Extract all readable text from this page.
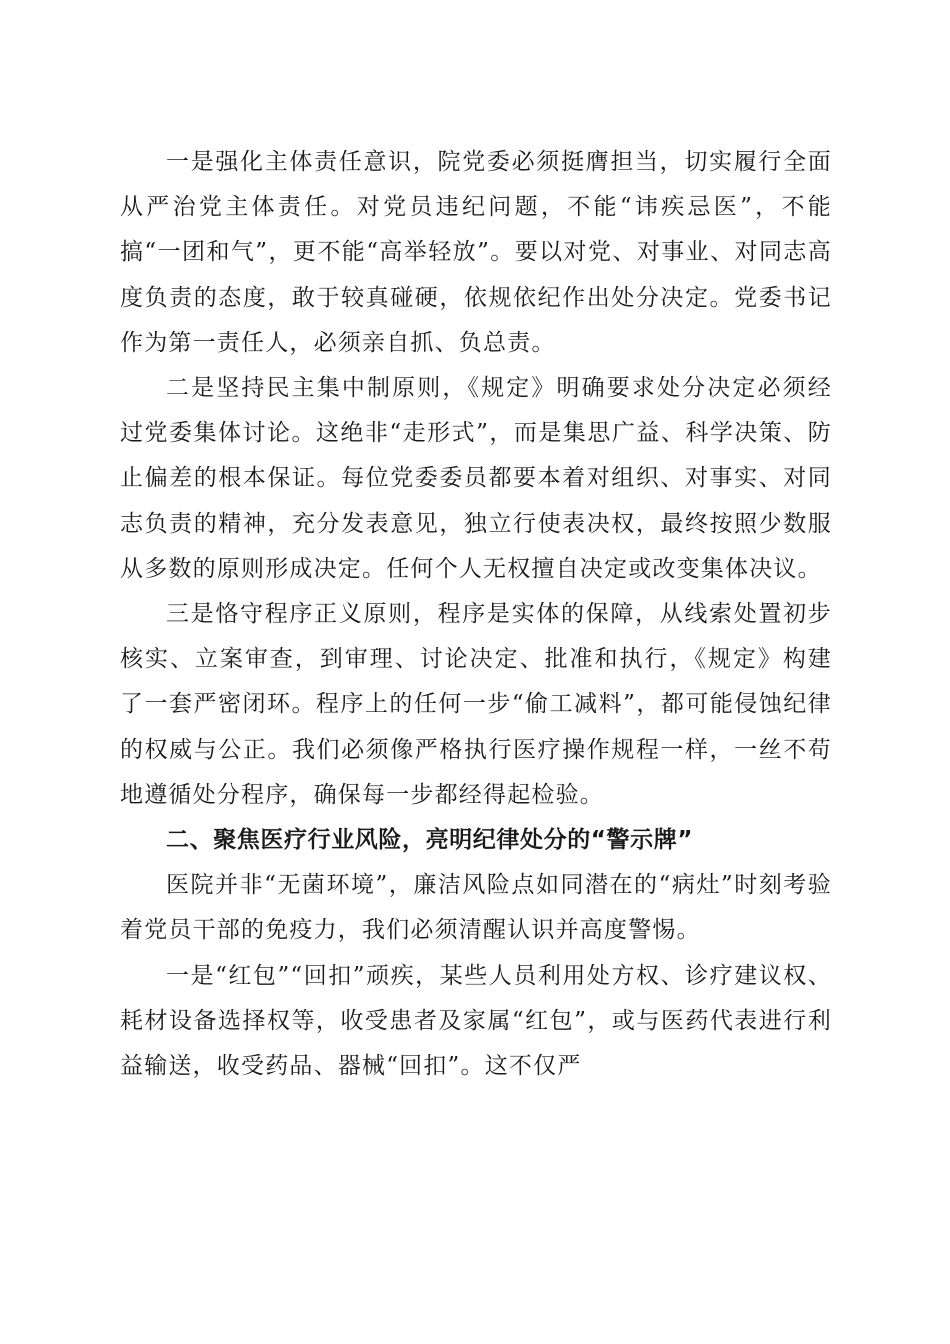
一是强化主体责任意识，院党委必须挺膺担当，切实履行全面从严治党主体责任。对党员违纪问题，不能“讳疾忌医”，不能搞“一团和气”，更不能“高举轻放”。要以对党、对事业、对同志高度负责的态度，敢于较真碰硬，依规依纪作出处分决定。党委书记作为第一责任人，必须亲自抓、负总责。

二是坚持民主集中制原则，《规定》明确要求处分决定必须经过党委集体讨论。这绝非“走形式”，而是集思广益、科学决策、防止偏差的根本保证。每位党委委员都要本着对组织、对事实、对同志负责的精神，充分发表意见，独立行使表决权，最终按照少数服从多数的原则形成决定。任何个人无权擅自决定或改变集体决议。

三是恪守程序正义原则，程序是实体的保障，从线索处置初步核实、立案审查，到审理、讨论决定、批准和执行，《规定》构建了一套严密闭环。程序上的任何一步“偷工减料”，都可能侵蚀纪律的权威与公正。我们必须像严格执行医疗操作规程一样，一丝不苟地遵循处分程序，确保每一步都经得起检验。

二、聚焦医疗行业风险，亮明纪律处分的“警示牌”

医院并非“无菌环境”，廉洁风险点如同潜在的“病灶”时刻考验着党员干部的免疫力，我们必须清醒认识并高度警惕。

一是“红包”“回扣”顽疾，某些人员利用处方权、诊疗建议权、耗材设备选择权等，收受患者及家属“红包”，或与医药代表进行利益输送，收受药品、器械“回扣”。这不仅严
